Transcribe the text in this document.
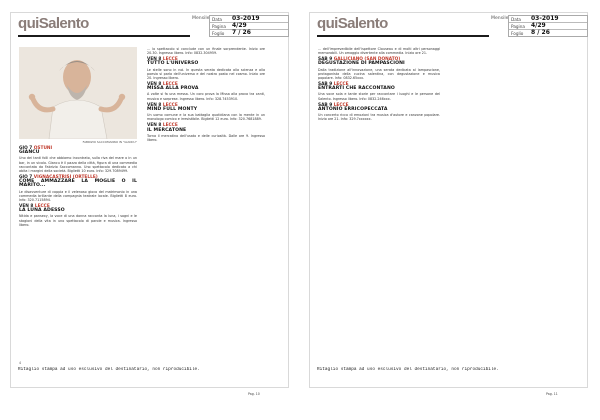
quiSalento	Mensile Data	03-2019
Pagina 4/29
Foglio	7 / 26
FABRIZIO SACCOMANNO IN "GIANCU"
GIO 7 OSTUNI
GIANCU

Uno dei tanti folli che abbiamo incontrato, sulla riva del mare o in un bar, in un vicolo. Giancu è il pazzo della città, figura di una commedia raccontata da Fabrizio Saccomanno. Uno spettacolo dedicato a chi abita i margini della società. Biglietti 10 euro. Info: 329.7089499.

GIO 7 VIGNACASTRISI (ORTELLE)
COME AMMAZZARE LA MOGLIE O IL MARITO...

Le disavventure di coppia e il velenoso gioco del matrimonio in una commedia brillante della compagnia teatrale locale. Biglietti 8 euro. Info: 320.7115894.

VEN 8 LECCE
LA LUNA ADESSO

Nitida e pansexy, la voce di una donna racconta la luna, i sogni e le stagioni della vita in uno spettacolo di parole e musica. Ingresso libero.

... lo spettacolo si conclude con un finale sorprendente. Inizio ore 20.30. Ingresso libero. Info: 0832.304959.

VEN 8 LECCE
TUTTO L'UNIVERSO

Le stelle sono in noi. In questa serata dedicata alla scienza e alla poesia si parla dell'universo e del nostro posto nel cosmo. Inizio ore 20. Ingresso libero.

VEN 8 LECCE
MISSA ALLA PROVA

A volte si fa una messa. Un coro prova la Missa alla prova tra canti, musica e sorprese. Ingresso libero. Info: 328.7453910.

VEN 8 LECCE
MIND FULL MONTY

Un uomo comune e la sua battaglia quotidiana con la mente in un monologo comico e irresistibile. Biglietti 12 euro. Info: 320.7681889.

VEN 8 LECCE
IL MERCATONE

Torna il mercatino dell'usato e delle curiosità. Dalle ore 9. Ingresso libero.

4
Ritaglio stampa ad uso esclusivo del destinatario, non riproducibile.
quiSalento	Mensile Data	03-2019
Pagina 4/29
Foglio	8 / 26

... dell'imprevedibile dell'ispettore Clouseau e di molti altri personaggi memorabili. Un omaggio divertente alla commedia. Inizio ore 21.

SAB 9 GALLICIANO (SAN DONATO)
DEGUSTAZIONE DI PAMPASCIONI

Dalla tradizione all'innovazione, una serata dedicata al lampascione, protagonista della cucina salentina, con degustazione e musica popolare. Info: 0832.65xxx.

SAB 9 LECCE
ENTRARTI CHE RACCONTANO

Una voce sola e tante storie per raccontare i luoghi e le persone del Salento. Ingresso libero. Info: 0832.246xxx.

SAB 9 LECCE
ANTONIO ERRICOPECCATA

Un concerto ricco di emozioni tra musica d'autore e canzone popolare. Inizio ore 21. Info: 329.7xxxxxx.

Ritaglio stampa ad uso esclusivo del destinatario, non riproducibile.
Pag. 10	Pag. 11
